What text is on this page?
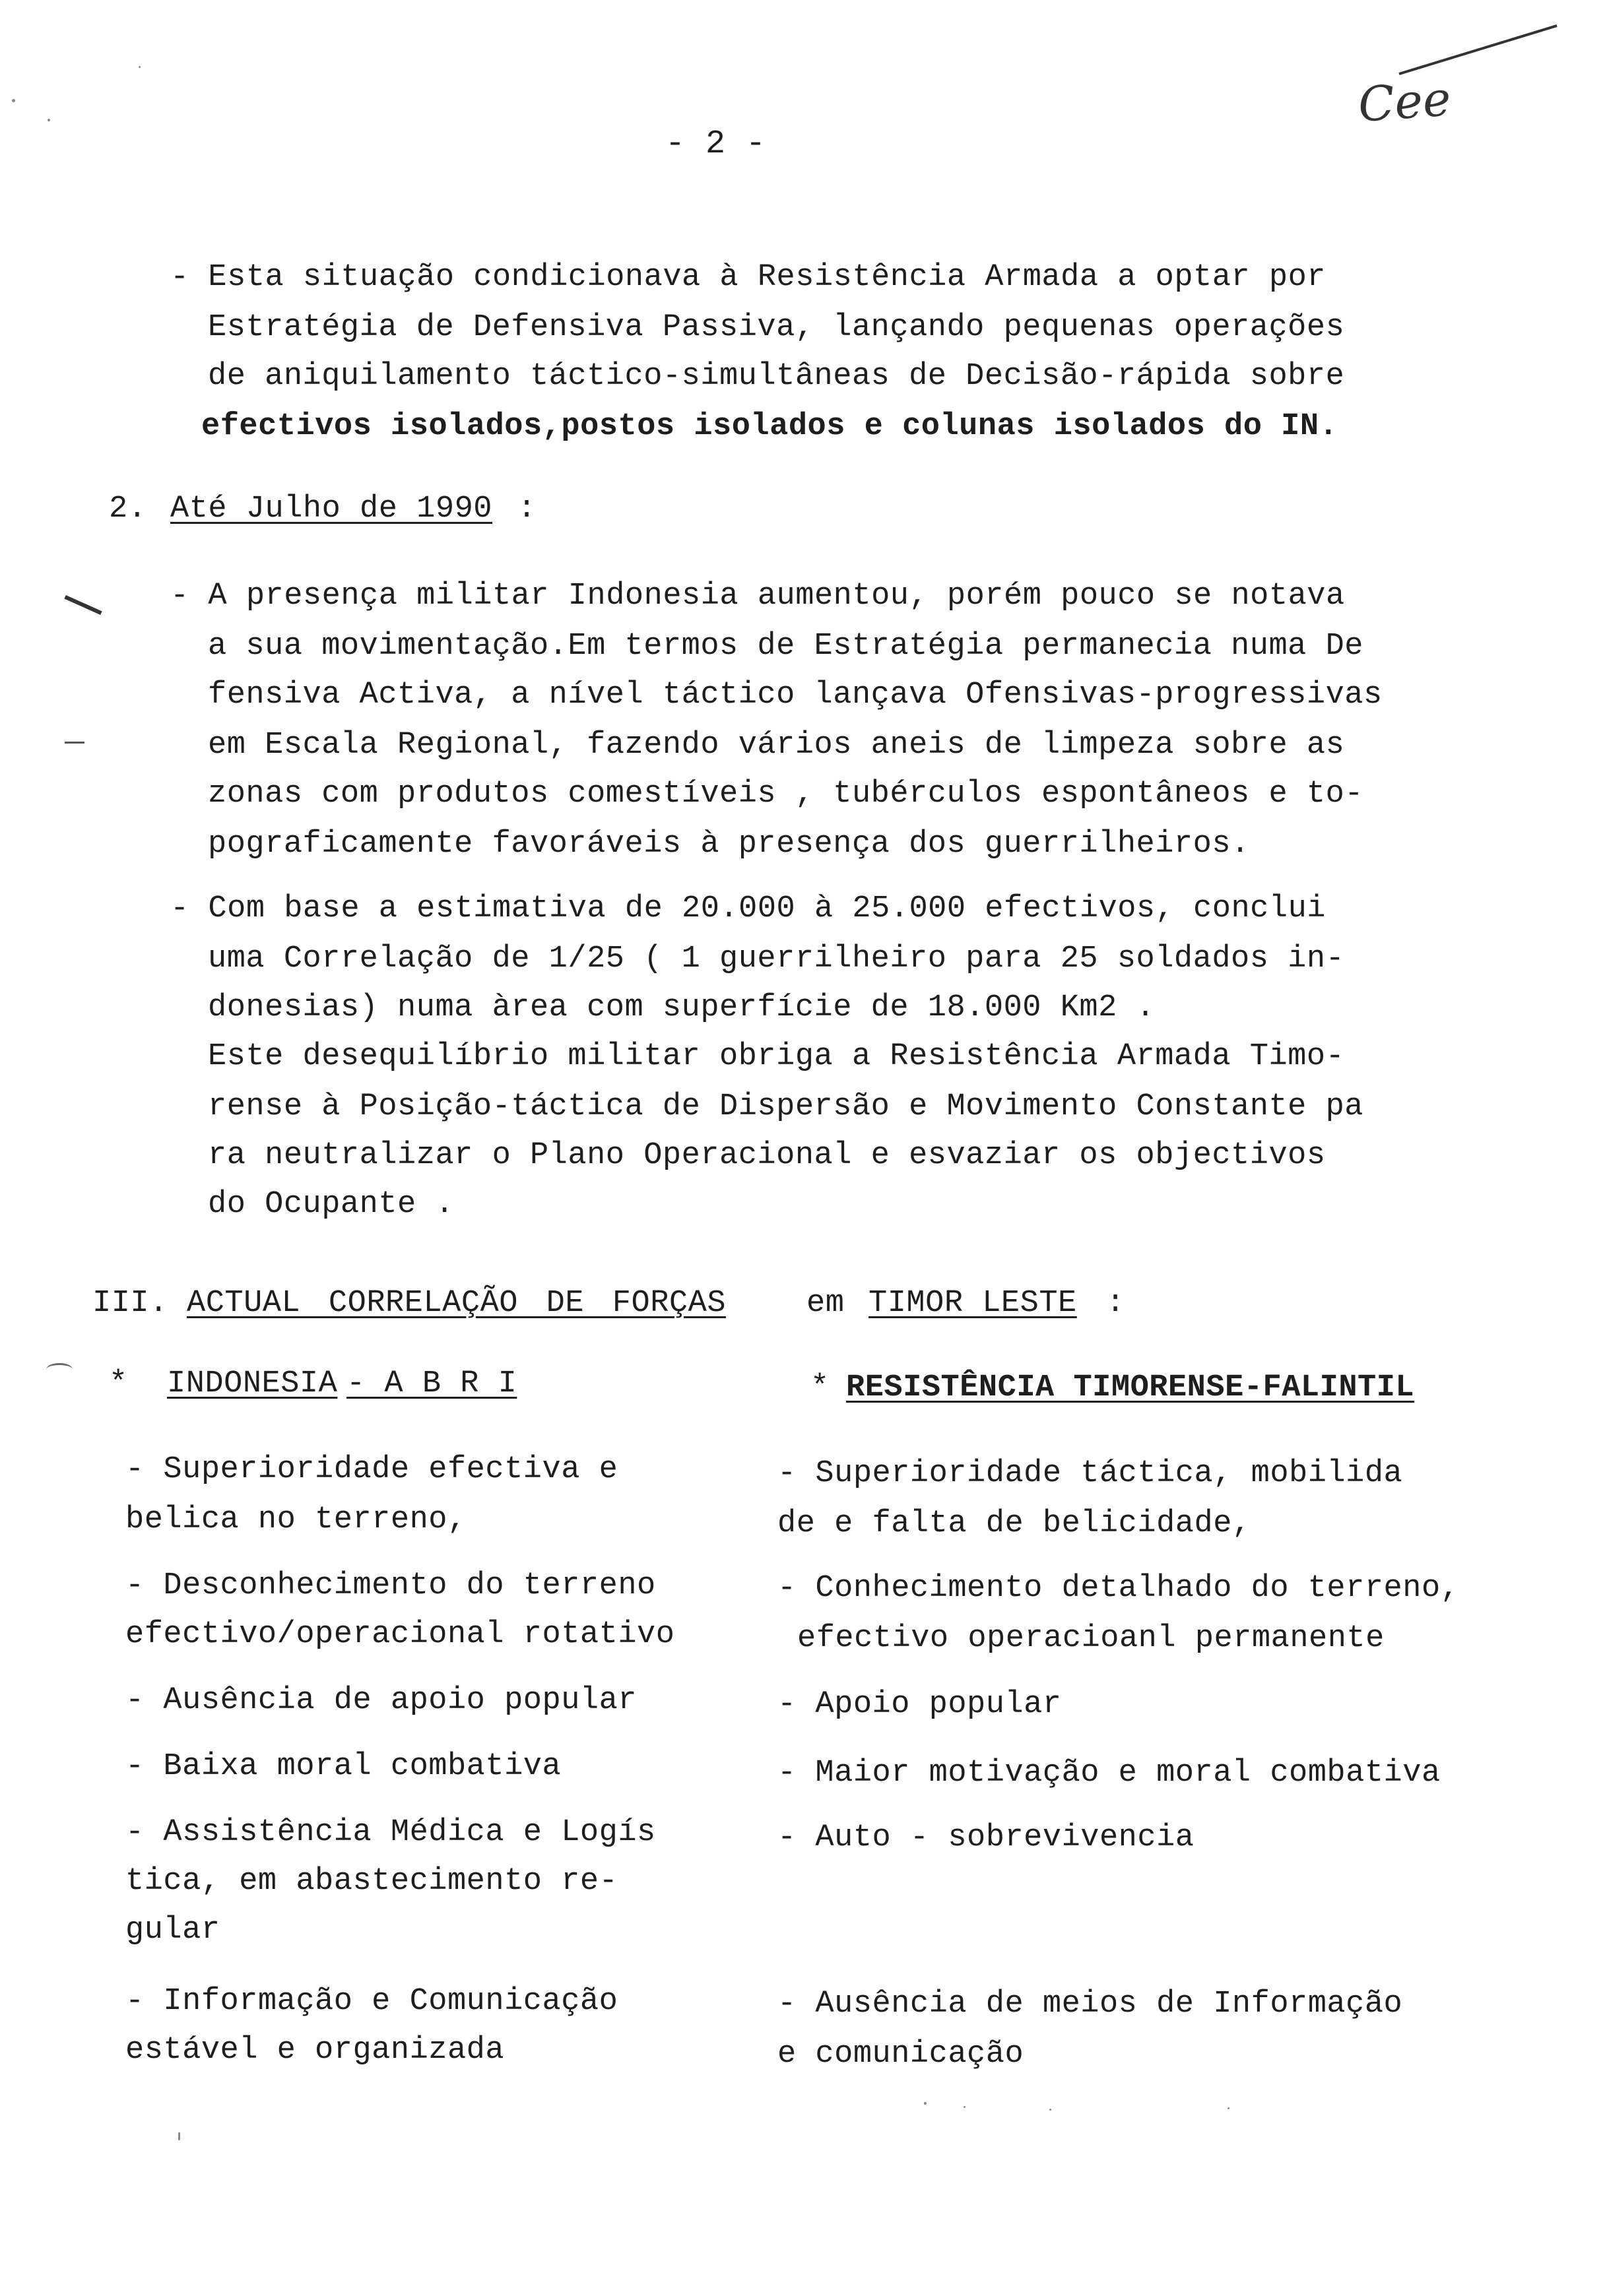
- 2 -
Cee
- Esta situação condicionava à Resistência Armada a optar por
Estratégia de Defensiva Passiva, lançando pequenas operações
de aniquilamento táctico-simultâneas de Decisão-rápida sobre
efectivos isolados,postos isolados e colunas isolados do IN.
2. Até Julho de 1990 :
- A presença militar Indonesia aumentou, porém pouco se notava
a sua movimentação.Em termos de Estratégia permanecia numa De
fensiva Activa, a nível táctico lançava Ofensivas-progressivas
em Escala Regional, fazendo vários aneis de limpeza sobre as
zonas com produtos comestíveis , tubérculos espontâneos e to-
pograficamente favoráveis à presença dos guerrilheiros.
- Com base a estimativa de 20.000 à 25.000 efectivos, conclui
uma Correlação de 1/25 ( 1 guerrilheiro para 25 soldados in-
donesias) numa àrea com superfície de 18.000 Km2 .
Este desequilíbrio militar obriga a Resistência Armada Timo-
rense à Posição-táctica de Dispersão e Movimento Constante pa
ra neutralizar o Plano Operacional e esvaziar os objectivos
do Ocupante .
III. ACTUAL CORRELAÇÃO DE FORÇAS	em TIMOR LESTE :
* INDONESIA - A B R I	* RESISTÊNCIA TIMORENSE-FALINTIL
- Superioridade efectiva e
belica no terreno,
- Desconhecimento do terreno
efectivo/operacional rotativo
- Ausência de apoio popular
- Baixa moral combativa
- Assistência Médica e Logís
tica, em abastecimento re-
gular
- Informação e Comunicação
estável e organizada
- Superioridade táctica, mobilida
de e falta de belicidade,
- Conhecimento detalhado do terreno,
efectivo operacioanl permanente
- Apoio popular
- Maior motivação e moral combativa
- Auto - sobrevivencia
- Ausência de meios de Informação
e comunicação
